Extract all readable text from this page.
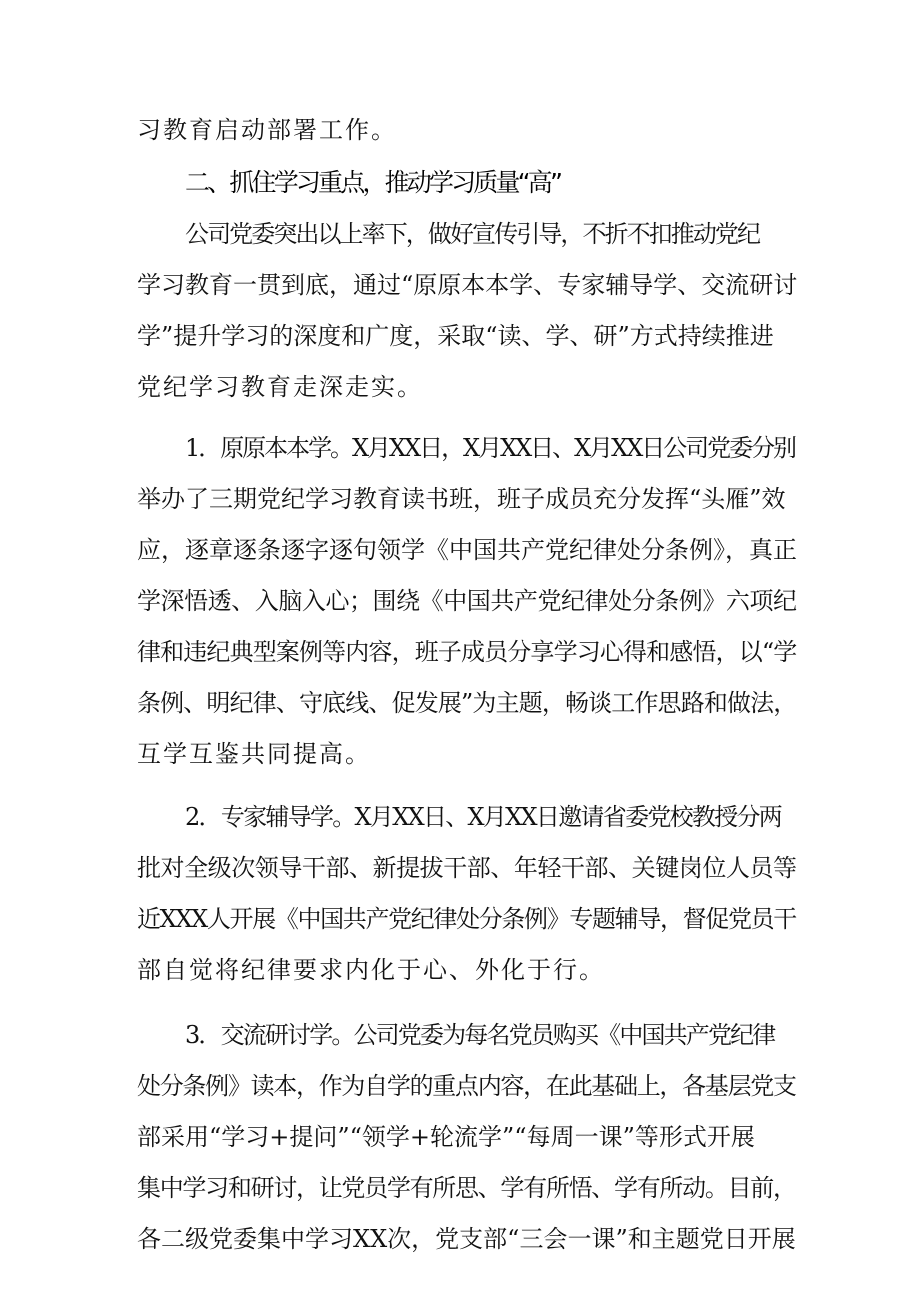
习教育启动部署工作。
二、抓住学习重点，推动学习质量“高”
公司党委突出以上率下，做好宣传引导，不折不扣推动党纪
学习教育一贯到底，通过“原原本本学、专家辅导学、交流研讨
学”提升学习的深度和广度，采取“读、学、研”方式持续推进
党纪学习教育走深走实。
1．原原本本学。X月XX日，X月XX日、X月XX日公司党委分别
举办了三期党纪学习教育读书班，班子成员充分发挥“头雁”效
应，逐章逐条逐字逐句领学《中国共产党纪律处分条例》，真正
学深悟透、入脑入心；围绕《中国共产党纪律处分条例》六项纪
律和违纪典型案例等内容，班子成员分享学习心得和感悟，以“学
条例、明纪律、守底线、促发展”为主题，畅谈工作思路和做法，
互学互鉴共同提高。
2．专家辅导学。X月XX日、X月XX日邀请省委党校教授分两
批对全级次领导干部、新提拔干部、年轻干部、关键岗位人员等
近XXX人开展《中国共产党纪律处分条例》专题辅导，督促党员干
部自觉将纪律要求内化于心、外化于行。
3．交流研讨学。公司党委为每名党员购买《中国共产党纪律
处分条例》读本，作为自学的重点内容，在此基础上，各基层党支
部采用“学习+提问”“领学+轮流学”“每周一课”等形式开展
集中学习和研讨，让党员学有所思、学有所悟、学有所动。目前，
各二级党委集中学习XX次，党支部“三会一课”和主题党日开展
